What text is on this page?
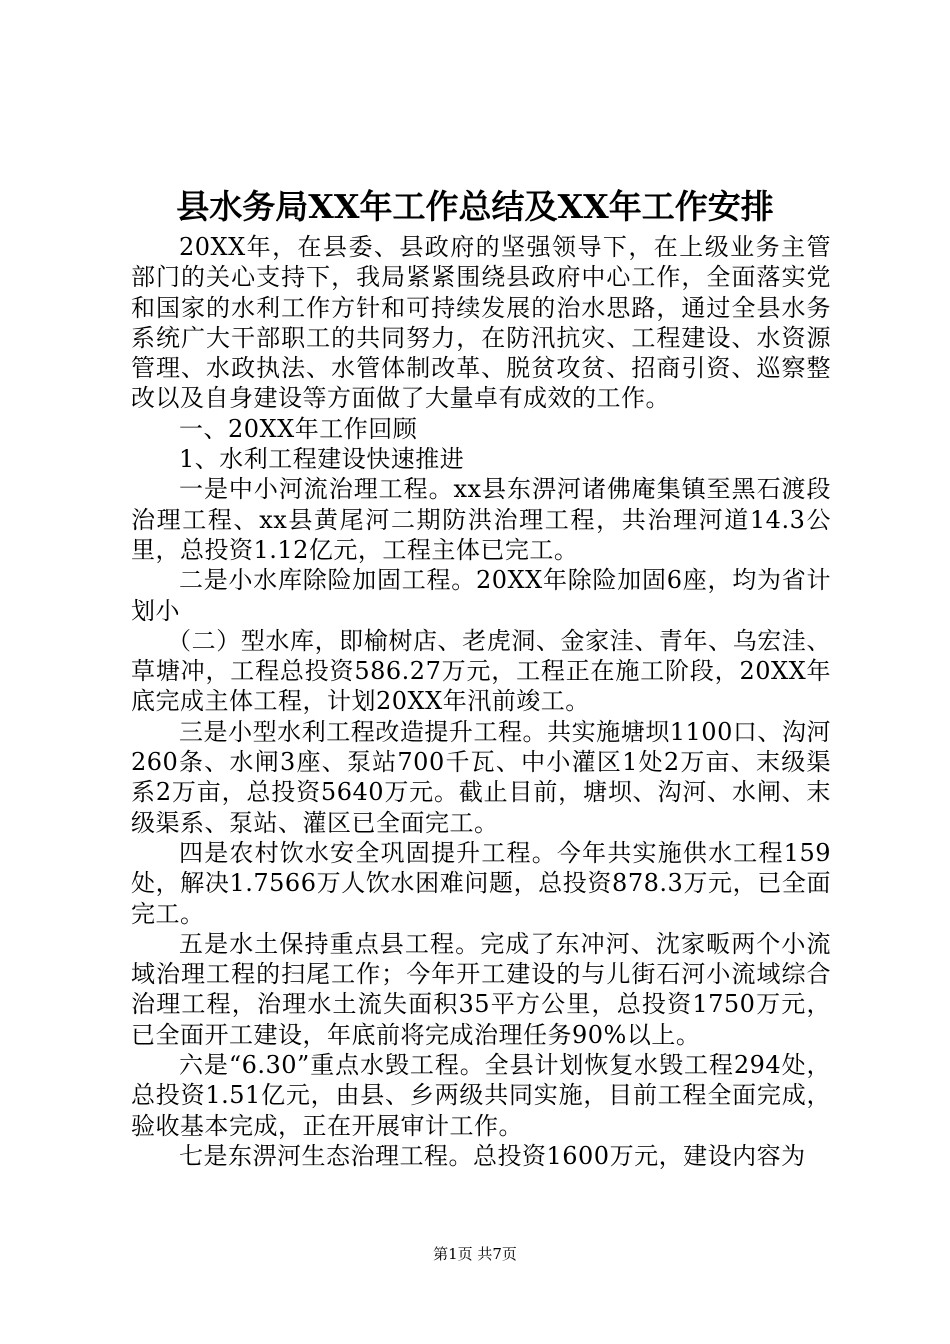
县水务局XX年工作总结及XX年工作安排

20XX年，在县委、县政府的坚强领导下，在上级业务主管部门的关心支持下，我局紧紧围绕县政府中心工作，全面落实党和国家的水利工作方针和可持续发展的治水思路，通过全县水务系统广大干部职工的共同努力，在防汛抗灾、工程建设、水资源管理、水政执法、水管体制改革、脱贫攻贫、招商引资、巡察整改以及自身建设等方面做了大量卓有成效的工作。

一、20XX年工作回顾

1、水利工程建设快速推进

一是中小河流治理工程。xx县东淠河诸佛庵集镇至黑石渡段治理工程、xx县黄尾河二期防洪治理工程，共治理河道14.3公里，总投资1.12亿元，工程主体已完工。

二是小水库除险加固工程。20XX年除险加固6座，均为省计划小

（二）型水库，即榆树店、老虎洞、金家洼、青年、乌宏洼、草塘冲，工程总投资586.27万元，工程正在施工阶段，20XX年底完成主体工程，计划20XX年汛前竣工。

三是小型水利工程改造提升工程。共实施塘坝1100口、沟河260条、水闸3座、泵站700千瓦、中小灌区1处2万亩、末级渠系2万亩，总投资5640万元。截止目前，塘坝、沟河、水闸、末级渠系、泵站、灌区已全面完工。

四是农村饮水安全巩固提升工程。今年共实施供水工程159处，解决1.7566万人饮水困难问题，总投资878.3万元，已全面完工。

五是水土保持重点县工程。完成了东冲河、沈家畈两个小流域治理工程的扫尾工作；今年开工建设的与儿街石河小流域综合治理工程，治理水土流失面积35平方公里，总投资1750万元，已全面开工建设，年底前将完成治理任务90%以上。

六是“6.30”重点水毁工程。全县计划恢复水毁工程294处，总投资1.51亿元，由县、乡两级共同实施，目前工程全面完成，验收基本完成，正在开展审计工作。

七是东淠河生态治理工程。总投资1600万元，建设内容为

第1页 共7页
